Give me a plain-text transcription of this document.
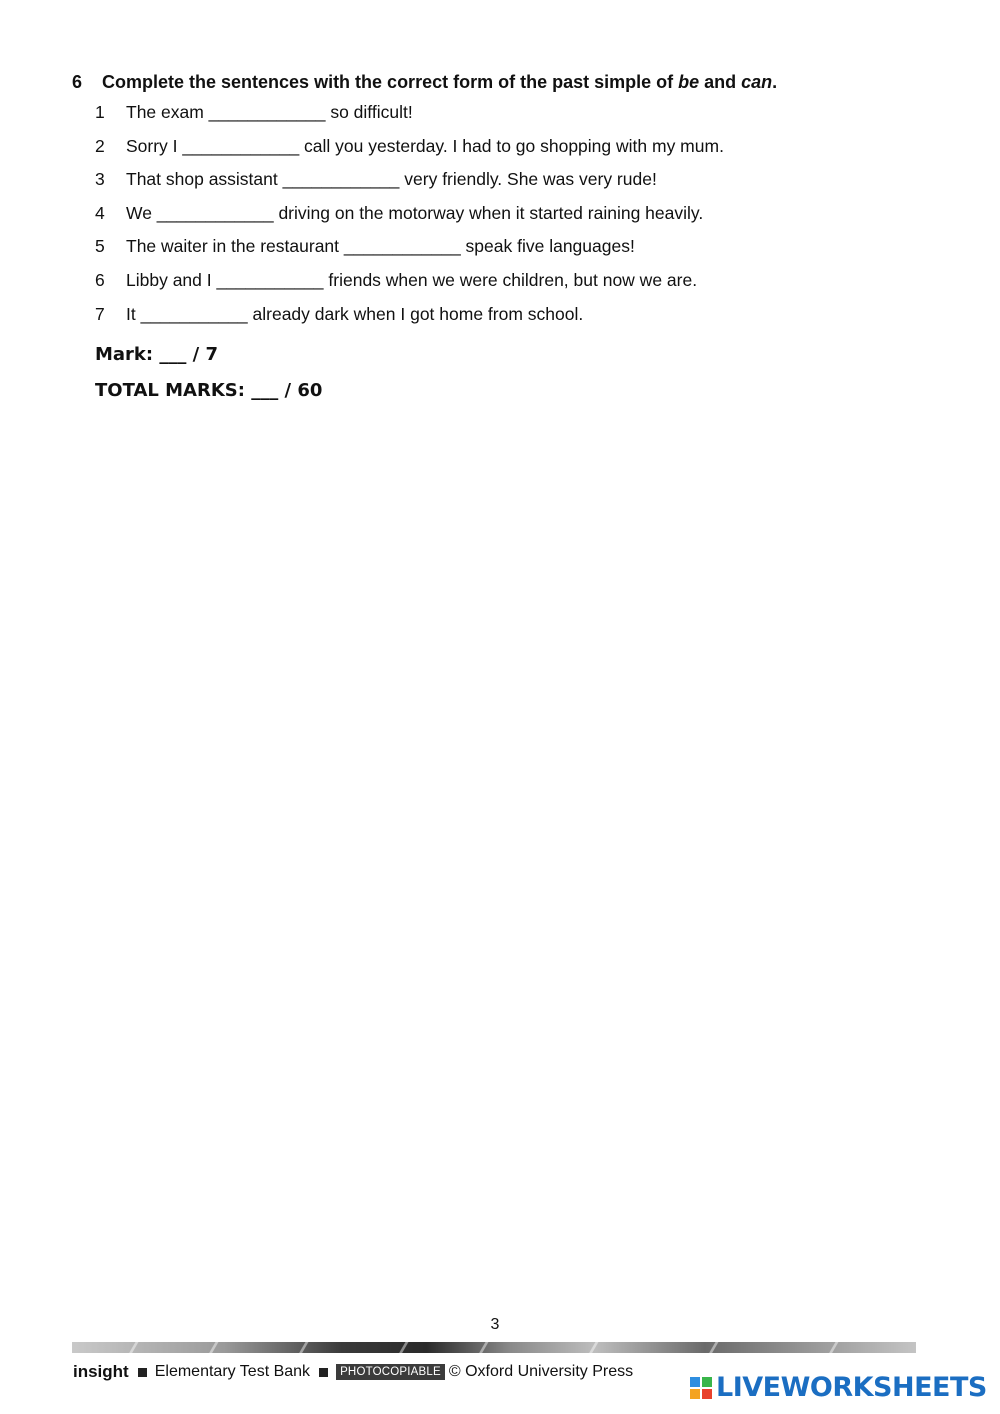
6 Complete the sentences with the correct form of the past simple of be and can.

1	The exam ____________ so difficult!
2	Sorry I ____________ call you yesterday. I had to go shopping with my mum.
3	That shop assistant ____________ very friendly. She was very rude!
4	We ____________ driving on the motorway when it started raining heavily.
5	The waiter in the restaurant ____________ speak five languages!
6	Libby and I ___________ friends when we were children, but now we are.
7	It ___________ already dark when I got home from school.
Mark: ___ / 7
TOTAL MARKS: ___ / 60
3
insight Elementary Test Bank	PHOTOCOPIABLE © Oxford University Press
LIVEWORKSHEETS
